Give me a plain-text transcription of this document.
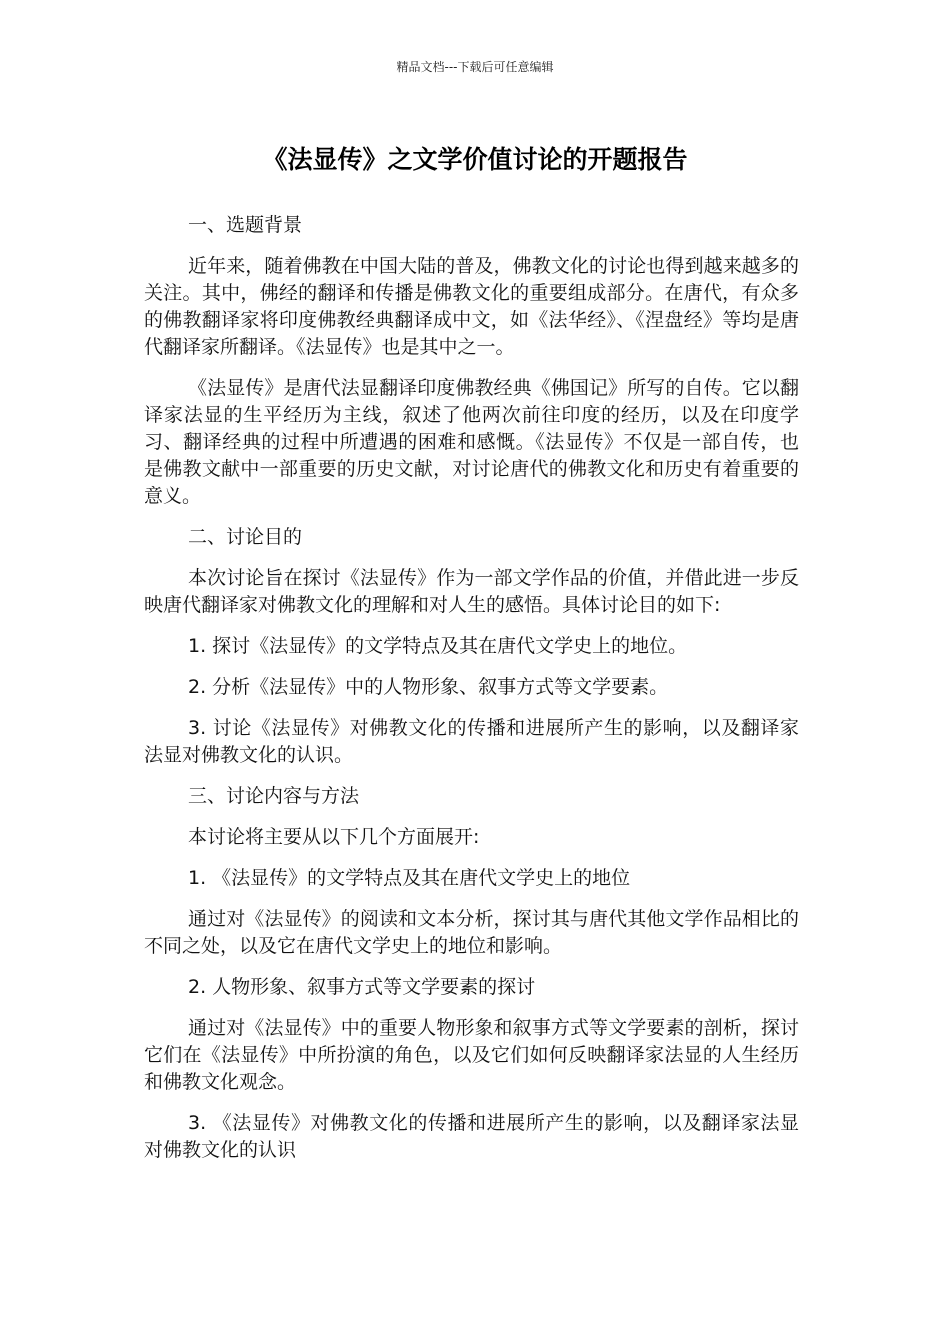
精品文档---下载后可任意编辑
《法显传》之文学价值讨论的开题报告

一、选题背景

近年来，随着佛教在中国大陆的普及，佛教文化的讨论也得到越来越多的关注。其中，佛经的翻译和传播是佛教文化的重要组成部分。在唐代，有众多的佛教翻译家将印度佛教经典翻译成中文，如《法华经》、《涅盘经》等均是唐代翻译家所翻译。《法显传》也是其中之一。

《法显传》是唐代法显翻译印度佛教经典《佛国记》所写的自传。它以翻译家法显的生平经历为主线，叙述了他两次前往印度的经历，以及在印度学习、翻译经典的过程中所遭遇的困难和感慨。《法显传》不仅是一部自传，也是佛教文献中一部重要的历史文献，对讨论唐代的佛教文化和历史有着重要的意义。

二、讨论目的

本次讨论旨在探讨《法显传》作为一部文学作品的价值，并借此进一步反映唐代翻译家对佛教文化的理解和对人生的感悟。具体讨论目的如下:

1. 探讨《法显传》的文学特点及其在唐代文学史上的地位。

2. 分析《法显传》中的人物形象、叙事方式等文学要素。

3. 讨论《法显传》对佛教文化的传播和进展所产生的影响，以及翻译家法显对佛教文化的认识。

三、讨论内容与方法

本讨论将主要从以下几个方面展开:

1. 《法显传》的文学特点及其在唐代文学史上的地位

通过对《法显传》的阅读和文本分析，探讨其与唐代其他文学作品相比的不同之处，以及它在唐代文学史上的地位和影响。

2. 人物形象、叙事方式等文学要素的探讨

通过对《法显传》中的重要人物形象和叙事方式等文学要素的剖析，探讨它们在《法显传》中所扮演的角色，以及它们如何反映翻译家法显的人生经历和佛教文化观念。

3. 《法显传》对佛教文化的传播和进展所产生的影响，以及翻译家法显对佛教文化的认识
